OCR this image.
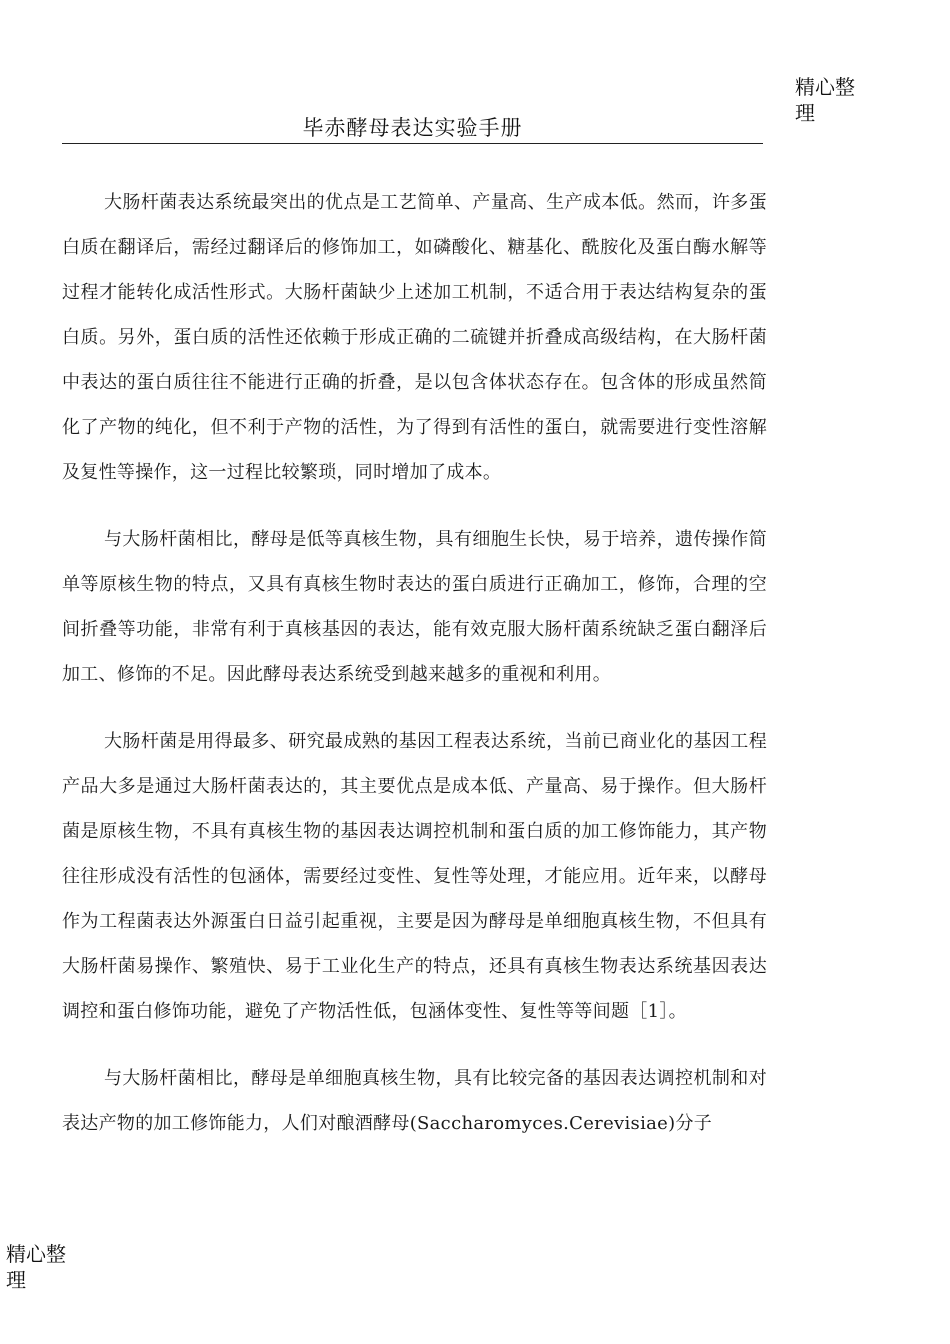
精心整理
毕赤酵母表达实验手册

大肠杆菌表达系统最突出的优点是工艺简单、产量高、生产成本低。然而，许多蛋白质在翻译后，需经过翻译后的修饰加工，如磷酸化、糖基化、酰胺化及蛋白酶水解等过程才能转化成活性形式。大肠杆菌缺少上述加工机制，不适合用于表达结构复杂的蛋白质。另外，蛋白质的活性还依赖于形成正确的二硫键并折叠成高级结构，在大肠杆菌中表达的蛋白质往往不能进行正确的折叠，是以包含体状态存在。包含体的形成虽然简化了产物的纯化，但不利于产物的活性，为了得到有活性的蛋白，就需要进行变性溶解及复性等操作，这一过程比较繁琐，同时增加了成本。

与大肠杆菌相比，酵母是低等真核生物，具有细胞生长快，易于培养，遗传操作简单等原核生物的特点，又具有真核生物时表达的蛋白质进行正确加工，修饰，合理的空间折叠等功能，非常有利于真核基因的表达，能有效克服大肠杆菌系统缺乏蛋白翻泽后加工、修饰的不足。因此酵母表达系统受到越来越多的重视和利用。

大肠杆菌是用得最多、研究最成熟的基因工程表达系统，当前已商业化的基因工程产品大多是通过大肠杆菌表达的，其主要优点是成本低、产量高、易于操作。但大肠杆菌是原核生物，不具有真核生物的基因表达调控机制和蛋白质的加工修饰能力，其产物往往形成没有活性的包涵体，需要经过变性、复性等处理，才能应用。近年来，以酵母作为工程菌表达外源蛋白日益引起重视，主要是因为酵母是单细胞真核生物，不但具有大肠杆菌易操作、繁殖快、易于工业化生产的特点，还具有真核生物表达系统基因表达调控和蛋白修饰功能，避免了产物活性低，包涵体变性、复性等等间题［1］。

与大肠杆菌相比，酵母是单细胞真核生物，具有比较完备的基因表达调控机制和对表达产物的加工修饰能力，人们对酿酒酵母(Saccharomyces.Cerevisiae)分子

精心整理
